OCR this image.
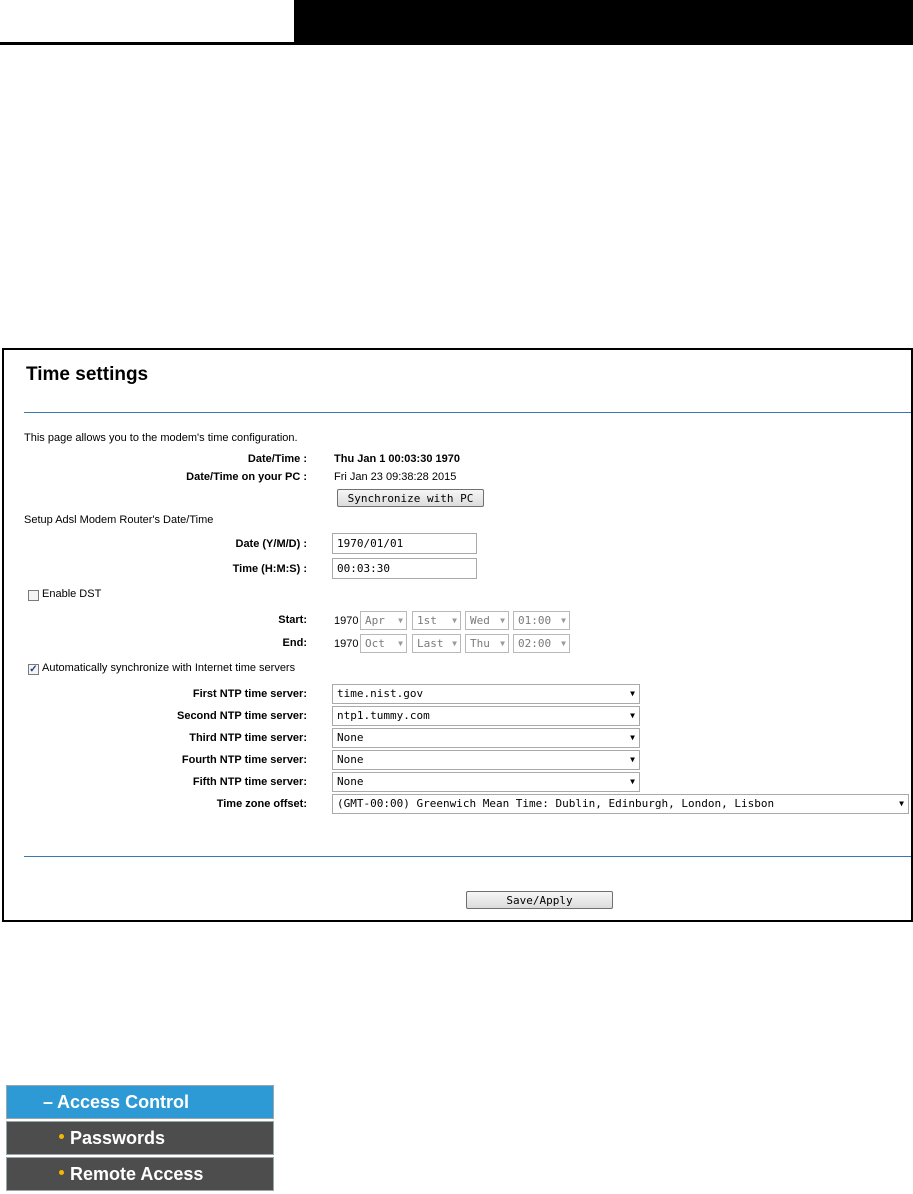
Time settings
This page allows you to the modem's time configuration.
Date/Time : Thu Jan 1 00:03:30 1970
Date/Time on your PC : Fri Jan 23 09:38:28 2015
Synchronize with PC
Setup Adsl Modem Router's Date/Time
Date (Y/M/D) :	1970/01/01
Time (H:M:S) :	00:03:30
Enable DST
Start: 1970 Apr ▼	1st ▼	Wed ▼	01:00 ▼
End: 1970 Oct ▼	Last ▼	Thu ▼	02:00 ▼
✓ Automatically synchronize with Internet time servers
First NTP time server:	time.nist.gov	▼
Second NTP time server:	ntp1.tummy.com	▼
Third NTP time server:	None	▼
Fourth NTP time server:	None	▼
Fifth NTP time server:	None	▼
Time zone offset:	(GMT-00:00) Greenwich Mean Time: Dublin, Edinburgh, London, Lisbon	▼
Save/Apply
– Access Control
Passwords
Remote Access
